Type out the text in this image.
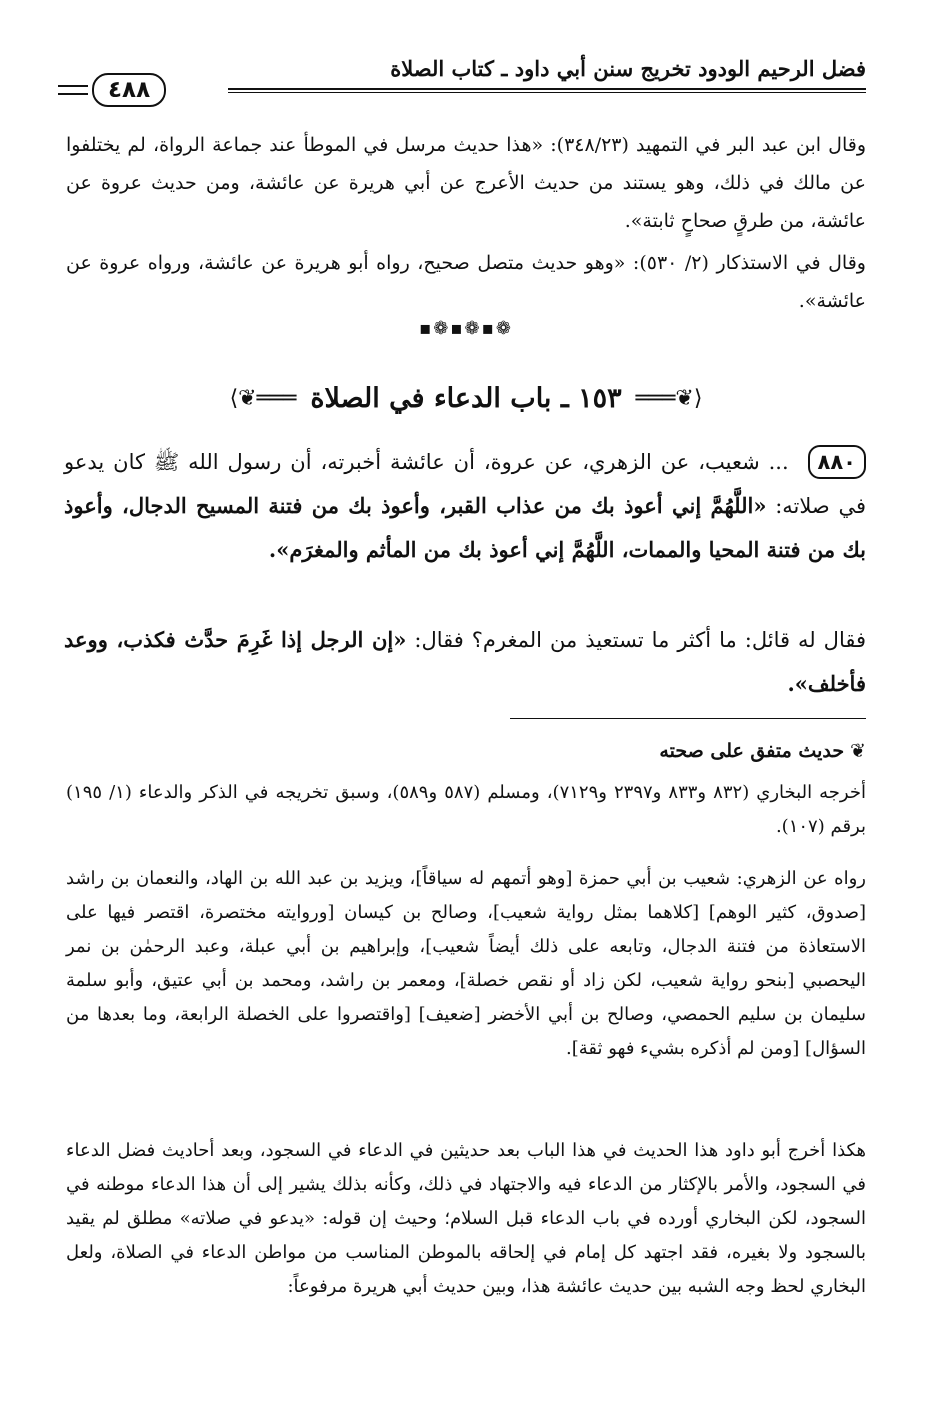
فضل الرحيم الودود تخريج سنن أبي داود ـ كتاب الصلاة
٤٨٨

وقال ابن عبد البر في التمهيد (٣٤٨/٢٣): «هذا حديث مرسل في الموطأ عند جماعة الرواة، لم يختلفوا عن مالك في ذلك، وهو يستند من حديث الأعرج عن أبي هريرة عن عائشة، ومن حديث عروة عن عائشة، من طرقٍ صحاحٍ ثابتة».

وقال في الاستذكار (٢/ ٥٣٠): «وهو حديث متصل صحيح، رواه أبو هريرة عن عائشة، ورواه عروة عن عائشة».

❁▪❁▪❁▪
⟨❦═══
١٥٣ ـ باب الدعاء في الصلاة
═══❦⟩
٨٨٠ ... شعيب، عن الزهري، عن عروة، أن عائشة أخبرته، أن رسول الله ﷺ كان يدعو في صلاته: «اللَّهُمَّ إني أعوذ بك من عذاب القبر، وأعوذ بك من فتنة المسيح الدجال، وأعوذ بك من فتنة المحيا والممات، اللَّهُمَّ إني أعوذ بك من المأثم والمغرَم».
فقال له قائل: ما أكثر ما تستعيذ من المغرم؟ فقال: «إن الرجل إذا غَرِمَ حدَّث فكذب، ووعد فأخلف».
❦حديث متفق على صحته

أخرجه البخاري (٨٣٢ و٨٣٣ و٢٣٩٧ و٧١٢٩)، ومسلم (٥٨٧ و٥٨٩)، وسبق تخريجه في الذكر والدعاء (١/ ١٩٥) برقم (١٠٧).

رواه عن الزهري: شعيب بن أبي حمزة [وهو أتمهم له سياقاً]، ويزيد بن عبد الله بن الهاد، والنعمان بن راشد [صدوق، كثير الوهم] [كلاهما بمثل رواية شعيب]، وصالح بن كيسان [وروايته مختصرة، اقتصر فيها على الاستعاذة من فتنة الدجال، وتابعه على ذلك أيضاً شعيب]، وإبراهيم بن أبي عبلة، وعبد الرحمٰن بن نمر اليحصبي [بنحو رواية شعيب، لكن زاد أو نقص خصلة]، ومعمر بن راشد، ومحمد بن أبي عتيق، وأبو سلمة سليمان بن سليم الحمصي، وصالح بن أبي الأخضر [ضعيف] [واقتصروا على الخصلة الرابعة، وما بعدها من السؤال] [ومن لم أذكره بشيء فهو ثقة].

هكذا أخرج أبو داود هذا الحديث في هذا الباب بعد حديثين في الدعاء في السجود، وبعد أحاديث فضل الدعاء في السجود، والأمر بالإكثار من الدعاء فيه والاجتهاد في ذلك، وكأنه بذلك يشير إلى أن هذا الدعاء موطنه في السجود، لكن البخاري أورده في باب الدعاء قبل السلام؛ وحيث إن قوله: «يدعو في صلاته» مطلق لم يقيد بالسجود ولا بغيره، فقد اجتهد كل إمام في إلحاقه بالموطن المناسب من مواطن الدعاء في الصلاة، ولعل البخاري لحظ وجه الشبه بين حديث عائشة هذا، وبين حديث أبي هريرة مرفوعاً:
